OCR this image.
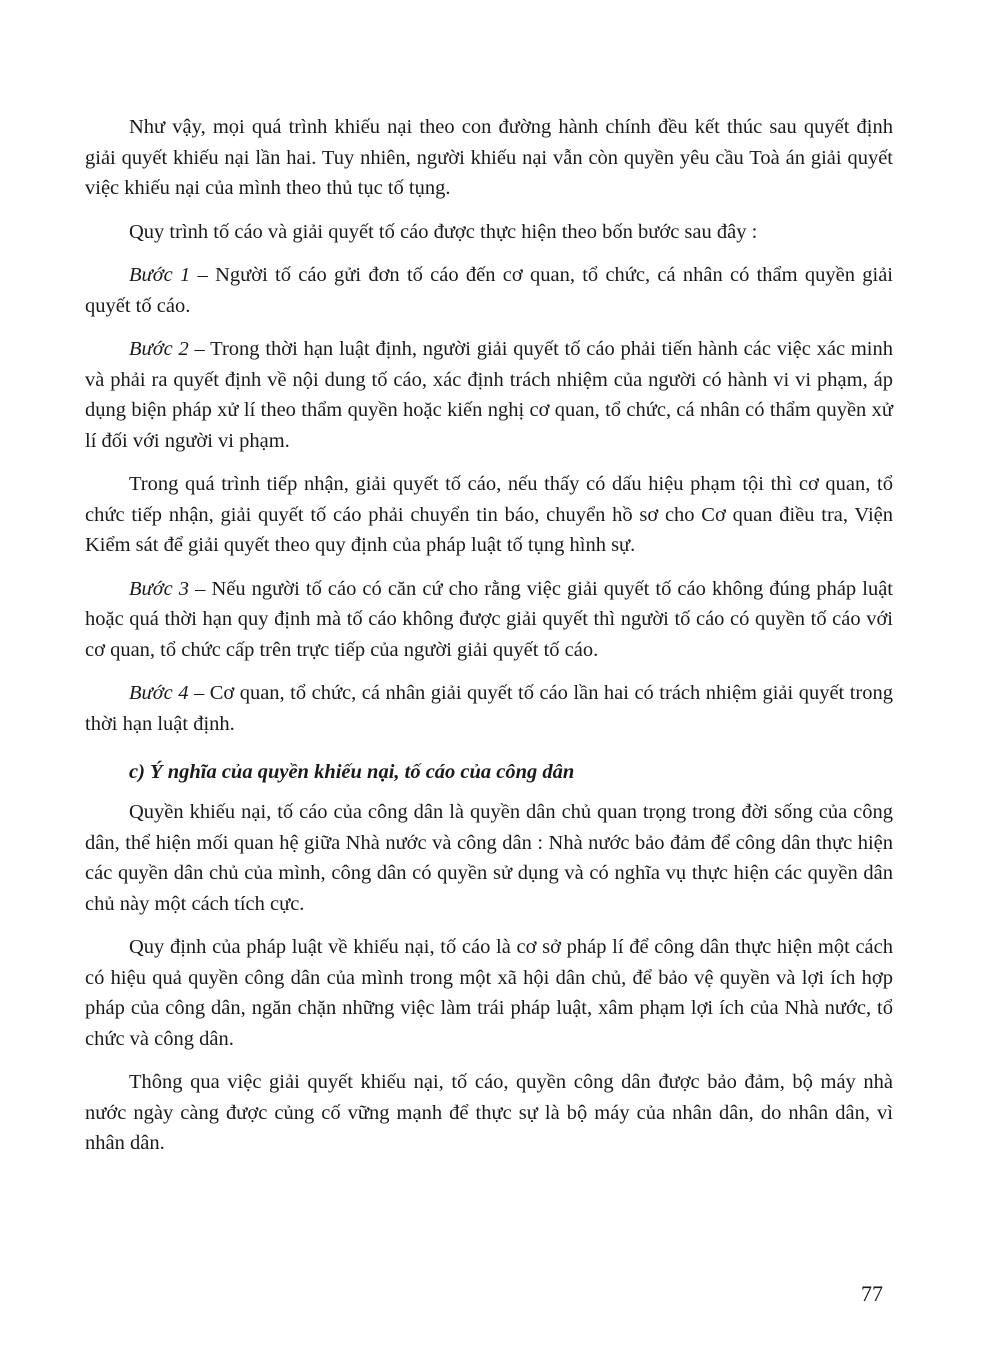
Như vậy, mọi quá trình khiếu nại theo con đường hành chính đều kết thúc sau quyết định giải quyết khiếu nại lần hai. Tuy nhiên, người khiếu nại vẫn còn quyền yêu cầu Toà án giải quyết việc khiếu nại của mình theo thủ tục tố tụng.

Quy trình tố cáo và giải quyết tố cáo được thực hiện theo bốn bước sau đây :

Bước 1 – Người tố cáo gửi đơn tố cáo đến cơ quan, tổ chức, cá nhân có thẩm quyền giải quyết tố cáo.

Bước 2 – Trong thời hạn luật định, người giải quyết tố cáo phải tiến hành các việc xác minh và phải ra quyết định về nội dung tố cáo, xác định trách nhiệm của người có hành vi vi phạm, áp dụng biện pháp xử lí theo thẩm quyền hoặc kiến nghị cơ quan, tổ chức, cá nhân có thẩm quyền xử lí đối với người vi phạm.

Trong quá trình tiếp nhận, giải quyết tố cáo, nếu thấy có dấu hiệu phạm tội thì cơ quan, tổ chức tiếp nhận, giải quyết tố cáo phải chuyển tin báo, chuyển hồ sơ cho Cơ quan điều tra, Viện Kiểm sát để giải quyết theo quy định của pháp luật tố tụng hình sự.

Bước 3 – Nếu người tố cáo có căn cứ cho rằng việc giải quyết tố cáo không đúng pháp luật hoặc quá thời hạn quy định mà tố cáo không được giải quyết thì người tố cáo có quyền tố cáo với cơ quan, tổ chức cấp trên trực tiếp của người giải quyết tố cáo.

Bước 4 – Cơ quan, tổ chức, cá nhân giải quyết tố cáo lần hai có trách nhiệm giải quyết trong thời hạn luật định.

c) Ý nghĩa của quyền khiếu nại, tố cáo của công dân

Quyền khiếu nại, tố cáo của công dân là quyền dân chủ quan trọng trong đời sống của công dân, thể hiện mối quan hệ giữa Nhà nước và công dân : Nhà nước bảo đảm để công dân thực hiện các quyền dân chủ của mình, công dân có quyền sử dụng và có nghĩa vụ thực hiện các quyền dân chủ này một cách tích cực.

Quy định của pháp luật về khiếu nại, tố cáo là cơ sở pháp lí để công dân thực hiện một cách có hiệu quả quyền công dân của mình trong một xã hội dân chủ, để bảo vệ quyền và lợi ích hợp pháp của công dân, ngăn chặn những việc làm trái pháp luật, xâm phạm lợi ích của Nhà nước, tổ chức và công dân.

Thông qua việc giải quyết khiếu nại, tố cáo, quyền công dân được bảo đảm, bộ máy nhà nước ngày càng được củng cố vững mạnh để thực sự là bộ máy của nhân dân, do nhân dân, vì nhân dân.

77
